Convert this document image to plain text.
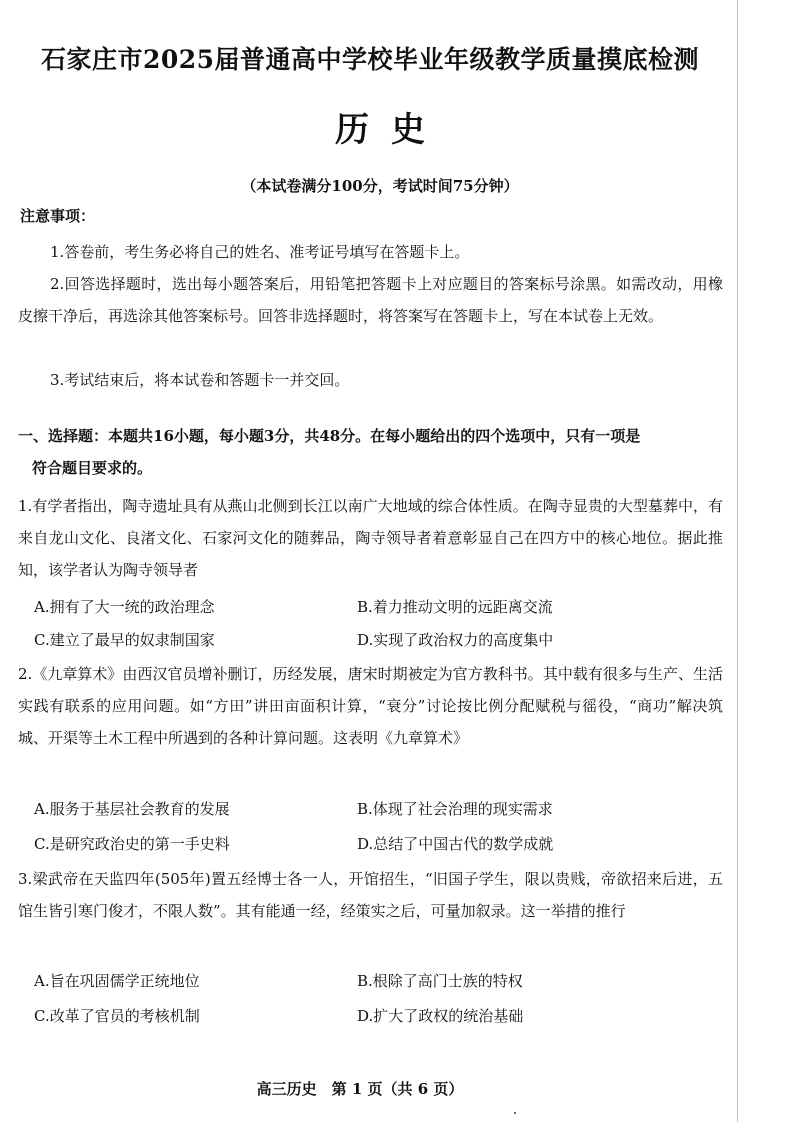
石家庄市2025届普通高中学校毕业年级教学质量摸底检测
历史
（本试卷满分100分，考试时间75分钟）
注意事项：
1.答卷前，考生务必将自己的姓名、准考证号填写在答题卡上。
2.回答选择题时，选出每小题答案后，用铅笔把答题卡上对应题目的答案标号涂黑。如需改动，用橡皮擦干净后，再选涂其他答案标号。回答非选择题时，将答案写在答题卡上，写在本试卷上无效。
3.考试结束后，将本试卷和答题卡一并交回。
一、选择题：本题共16小题，每小题3分，共48分。在每小题给出的四个选项中，只有一项是
符合题目要求的。
1.有学者指出，陶寺遗址具有从燕山北侧到长江以南广大地域的综合体性质。在陶寺显贵的大型墓葬中，有来自龙山文化、良渚文化、石家河文化的随葬品，陶寺领导者着意彰显自己在四方中的核心地位。据此推知，该学者认为陶寺领导者
A.拥有了大一统的政治理念	B.着力推动文明的远距离交流
C.建立了最早的奴隶制国家	D.实现了政治权力的高度集中
2.《九章算术》由西汉官员增补删订，历经发展，唐宋时期被定为官方教科书。其中载有很多与生产、生活实践有联系的应用问题。如“方田”讲田亩面积计算，“衰分”讨论按比例分配赋税与徭役，“商功”解决筑城、开渠等土木工程中所遇到的各种计算问题。这表明《九章算术》
A.服务于基层社会教育的发展	B.体现了社会治理的现实需求
C.是研究政治史的第一手史料	D.总结了中国古代的数学成就
3.梁武帝在天监四年(505年)置五经博士各一人，开馆招生，“旧国子学生，限以贵贱，帝欲招来后进，五馆生皆引寒门俊才，不限人数”。其有能通一经，经策实之后，可量加叙录。这一举措的推行
A.旨在巩固儒学正统地位	B.根除了高门士族的特权
C.改革了官员的考核机制	D.扩大了政权的统治基础
高三历史　第 1 页（共 6 页）
